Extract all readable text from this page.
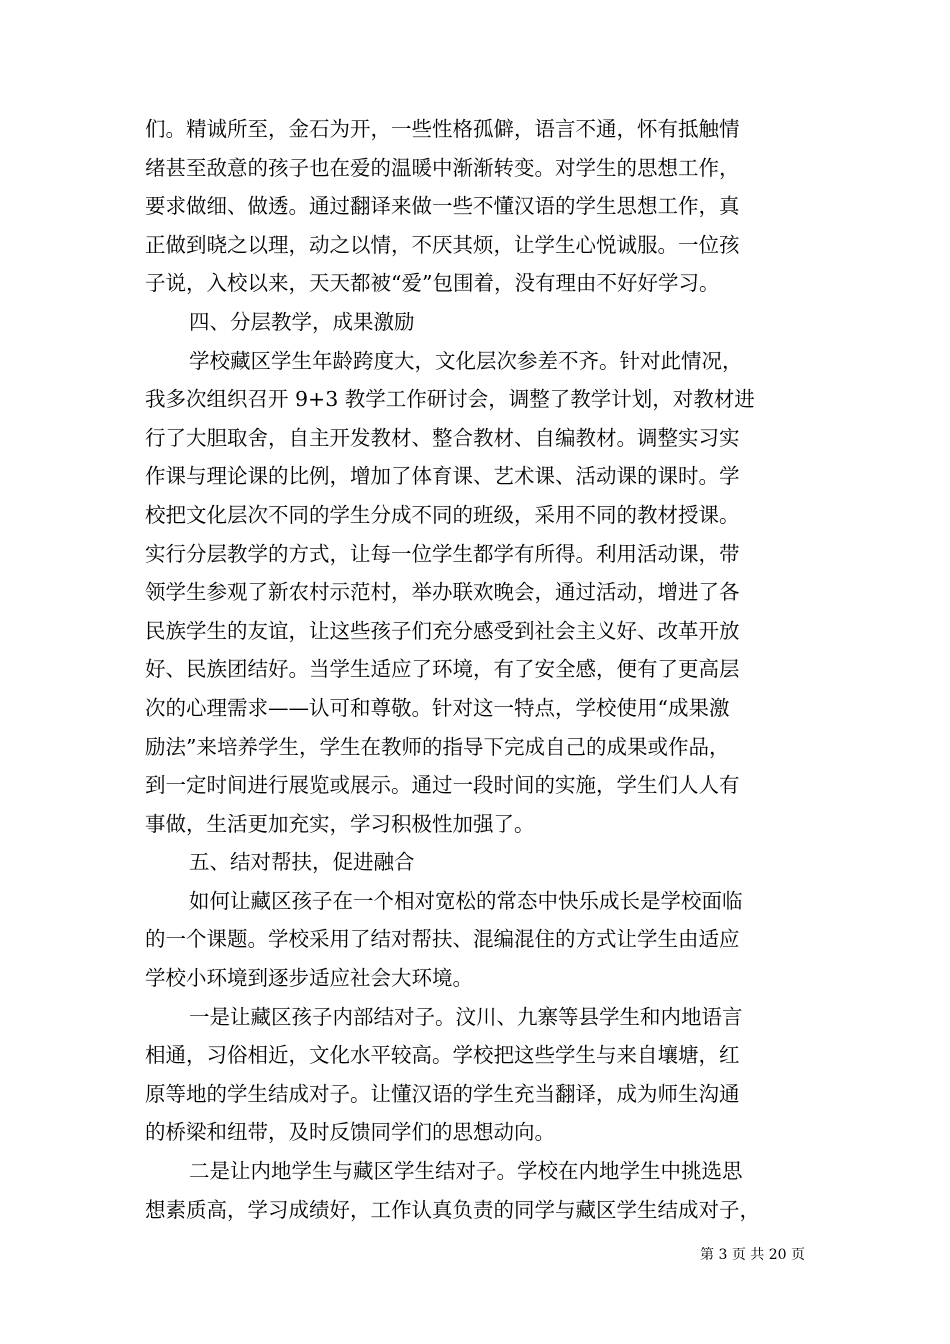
们。精诚所至，金石为开，一些性格孤僻，语言不通，怀有抵触情
绪甚至敌意的孩子也在爱的温暖中渐渐转变。对学生的思想工作，
要求做细、做透。通过翻译来做一些不懂汉语的学生思想工作，真
正做到晓之以理，动之以情，不厌其烦，让学生心悦诚服。一位孩
子说，入校以来，天天都被“爱”包围着，没有理由不好好学习。
四、分层教学，成果激励
学校藏区学生年龄跨度大，文化层次参差不齐。针对此情况，
我多次组织召开 9+3 教学工作研讨会，调整了教学计划，对教材进
行了大胆取舍，自主开发教材、整合教材、自编教材。调整实习实
作课与理论课的比例，增加了体育课、艺术课、活动课的课时。学
校把文化层次不同的学生分成不同的班级，采用不同的教材授课。
实行分层教学的方式，让每一位学生都学有所得。利用活动课，带
领学生参观了新农村示范村，举办联欢晚会，通过活动，增进了各
民族学生的友谊，让这些孩子们充分感受到社会主义好、改革开放
好、民族团结好。当学生适应了环境，有了安全感，便有了更高层
次的心理需求——认可和尊敬。针对这一特点，学校使用“成果激
励法”来培养学生，学生在教师的指导下完成自己的成果或作品，
到一定时间进行展览或展示。通过一段时间的实施，学生们人人有
事做，生活更加充实，学习积极性加强了。
五、结对帮扶，促进融合
如何让藏区孩子在一个相对宽松的常态中快乐成长是学校面临
的一个课题。学校采用了结对帮扶、混编混住的方式让学生由适应
学校小环境到逐步适应社会大环境。
一是让藏区孩子内部结对子。汶川、九寨等县学生和内地语言
相通，习俗相近，文化水平较高。学校把这些学生与来自壤塘，红
原等地的学生结成对子。让懂汉语的学生充当翻译，成为师生沟通
的桥梁和纽带，及时反馈同学们的思想动向。
二是让内地学生与藏区学生结对子。学校在内地学生中挑选思
想素质高，学习成绩好，工作认真负责的同学与藏区学生结成对子，
第 3 页 共 20 页
